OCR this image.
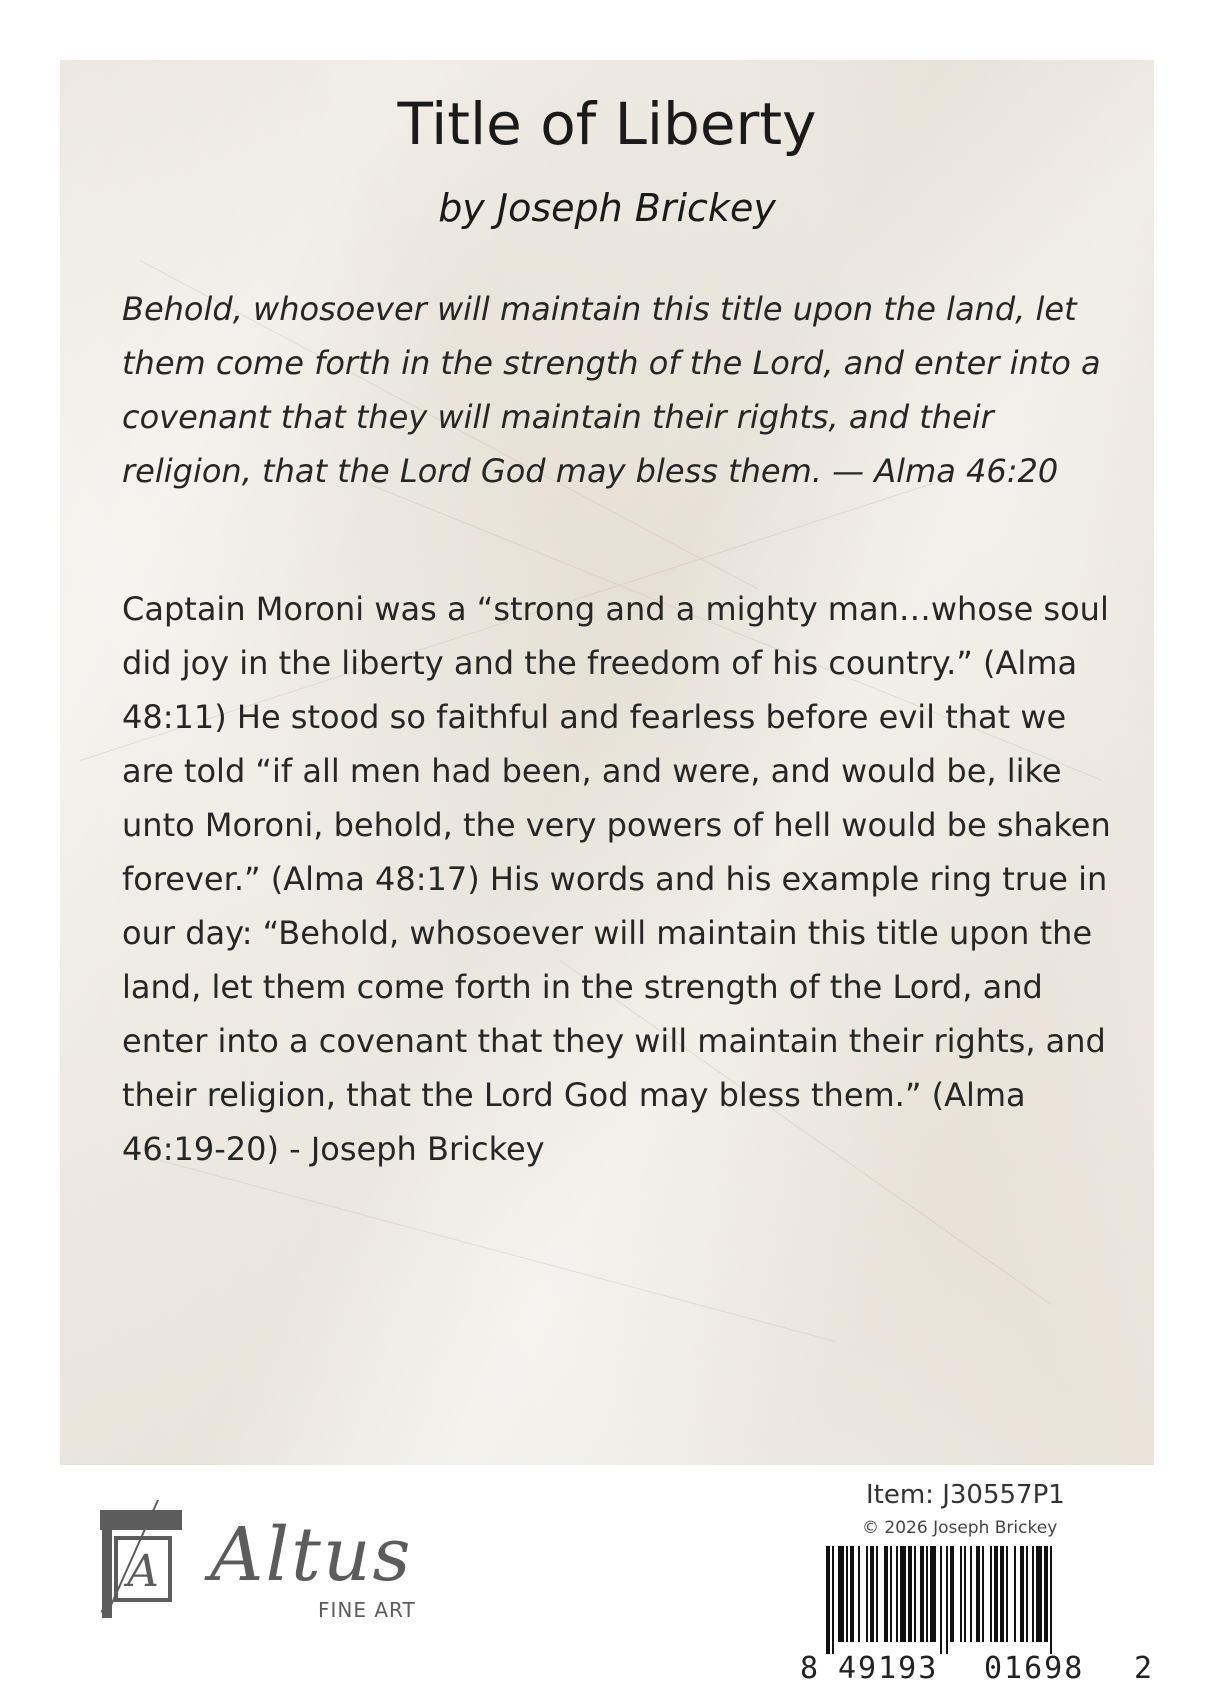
Title of Liberty

by Joseph Brickey

Behold, whosoever will maintain this title upon the land, let them come forth in the strength of the Lord, and enter into a covenant that they will maintain their rights, and their religion, that the Lord God may bless them. — Alma 46:20

Captain Moroni was a “strong and a mighty man…whose soul did joy in the liberty and the freedom of his country.” (Alma 48:11) He stood so faithful and fearless before evil that we are told “if all men had been, and were, and would be, like unto Moroni, behold, the very powers of hell would be shaken forever.” (Alma 48:17) His words and his example ring true in our day: “Behold, whosoever will maintain this title upon the land, let them come forth in the strength of the Lord, and enter into a covenant that they will maintain their rights, and their religion, that the Lord God may bless them.” (Alma 46:19-20) - Joseph Brickey

A Altus
FINE ART
Item: J30557P1
© 2026 Joseph Brickey
8 49193 01698 2
